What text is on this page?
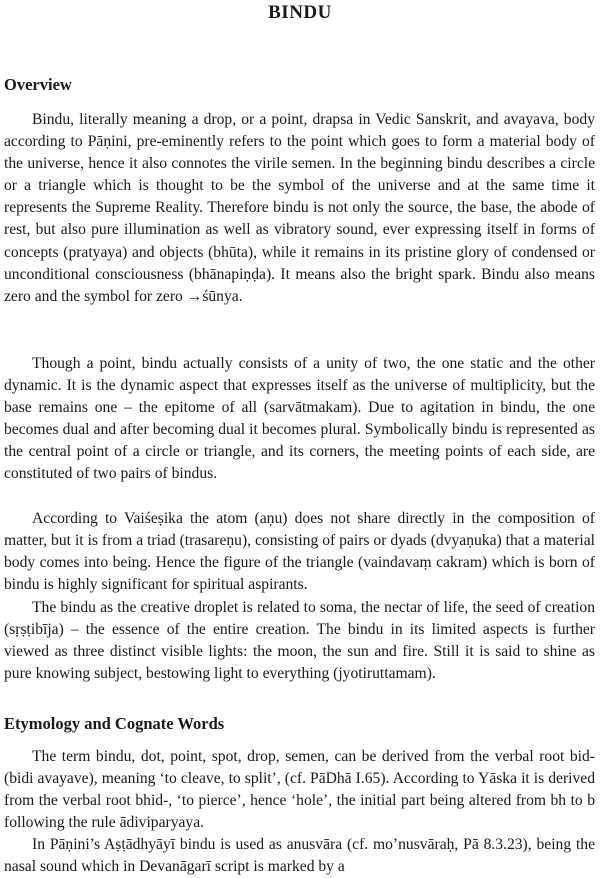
BINDU
Overview

Bindu, literally meaning a drop, or a point, drapsa in Vedic Sanskrit, and avayava, body according to Pāṇini, pre-eminently refers to the point which goes to form a material body of the universe, hence it also connotes the virile semen. In the beginning bindu describes a circle or a triangle which is thought to be the symbol of the universe and at the same time it represents the Supreme Reality. Therefore bindu is not only the source, the base, the abode of rest, but also pure illumination as well as vibratory sound, ever expressing itself in forms of concepts (pratyaya) and objects (bhūta), while it remains in its pristine glory of condensed or unconditional consciousness (bhānapiṇḍa). It means also the bright spark. Bindu also means zero and the symbol for zero →śūnya.

Though a point, bindu actually consists of a unity of two, the one static and the other dynamic. It is the dynamic aspect that expresses itself as the universe of multiplicity, but the base remains one – the epitome of all (sarvātmakam). Due to agitation in bindu, the one becomes dual and after becoming dual it becomes plural. Symbolically bindu is represented as the central point of a circle or triangle, and its corners, the meeting points of each side, are constituted of two pairs of bindus.

According to Vaiśeṣika the atom (aṇu) does not share directly in the composition of matter, but it is from a triad (trasareṇu), consisting of pairs or dyads (dvyaṇuka) that a material body comes into being. Hence the figure of the triangle (vaindavaṃ cakram) which is born of bindu is highly significant for spiritual aspirants.

The bindu as the creative droplet is related to soma, the nectar of life, the seed of creation (sṛṣṭibīja) – the essence of the entire creation. The bindu in its limited aspects is further viewed as three distinct visible lights: the moon, the sun and fire. Still it is said to shine as pure knowing subject, bestowing light to everything (jyotiruttamam).

Etymology and Cognate Words

The term bindu, dot, point, spot, drop, semen, can be derived from the verbal root bid- (bidi avayave), meaning ‘to cleave, to split’, (cf. PāDhā I.65). According to Yāska it is derived from the verbal root bhid-, ‘to pierce’, hence ‘hole’, the initial part being altered from bh to b following the rule ādiviparyaya.

In Pāṇini’s Aṣṭādhyāyī bindu is used as anusvāra (cf. mo’nusvāraḥ, Pā 8.3.23), being the nasal sound which in Devanāgarī script is marked by a
